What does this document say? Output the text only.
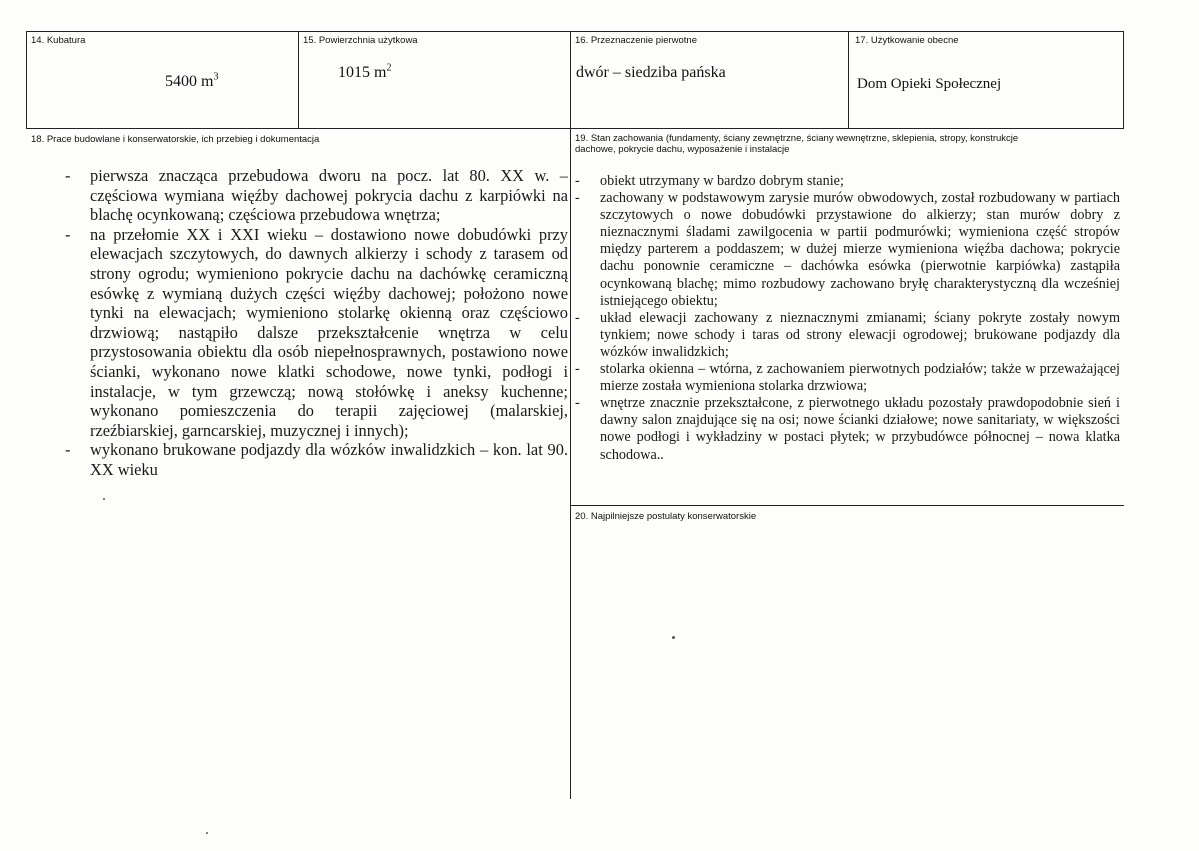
14. Kubatura
5400 $m^3$
15. Powierzchnia użytkowa
1015 $m^2$
16. Przeznaczenie pierwotne
dwór – siedziba pańska
17. Użytkowanie obecne
Dom Opieki Społecznej
18. Prace budowlane i konserwatorskie, ich przebieg i dokumentacja
- pierwsza znacząca przebudowa dworu na pocz. lat 80. XX w. – częściowa wymiana więźby dachowej pokrycia dachu z karpiówki na blachę ocynkowaną; częściowa przebudowa wnętrza;
- na przełomie XX i XXI wieku – dostawiono nowe dobudówki przy elewacjach szczytowych, do dawnych alkierzy i schody z tarasem od strony ogrodu; wymieniono pokrycie dachu na dachówkę ceramiczną esówkę z wymianą dużych części więźby dachowej; położono nowe tynki na elewacjach; wymieniono stolarkę okienną oraz częściowo drzwiową; nastąpiło dalsze przekształcenie wnętrza w celu przystosowania obiektu dla osób niepełnosprawnych, postawiono nowe ścianki, wykonano nowe klatki schodowe, nowe tynki, podłogi i instalacje, w tym grzewczą; nową stołówkę i aneksy kuchenne; wykonano pomieszczenia do terapii zajęciowej (malarskiej, rzeźbiarskiej, garncarskiej, muzycznej i innych);
- wykonano brukowane podjazdy dla wózków inwalidzkich – kon. lat 90. XX wieku
19. Stan zachowania (fundamenty, ściany zewnętrzne, ściany wewnętrzne, sklepienia, stropy, konstrukcje dachowe, pokrycie dachu, wyposażenie i instalacje
- obiekt utrzymany w bardzo dobrym stanie;
- zachowany w podstawowym zarysie murów obwodowych, został rozbudowany w partiach szczytowych o nowe dobudówki przystawione do alkierzy; stan murów dobry z nieznacznymi śladami zawilgocenia w partii podmurówki; wymieniona część stropów między parterem a poddaszem; w dużej mierze wymieniona więźba dachowa; pokrycie dachu ponownie ceramiczne – dachówka esówka (pierwotnie karpiówka) zastąpiła ocynkowaną blachę; mimo rozbudowy zachowano bryłę charakterystyczną dla wcześniej istniejącego obiektu;
- układ elewacji zachowany z nieznacznymi zmianami; ściany pokryte zostały nowym tynkiem; nowe schody i taras od strony elewacji ogrodowej; brukowane podjazdy dla wózków inwalidzkich;
- stolarka okienna – wtórna, z zachowaniem pierwotnych podziałów; także w przeważającej mierze została wymieniona stolarka drzwiowa;
- wnętrze znacznie przekształcone, z pierwotnego układu pozostały prawdopodobnie sień i dawny salon znajdujące się na osi; nowe ścianki działowe; nowe sanitariaty, w większości nowe podłogi i wykładziny w postaci płytek; w przybudówce północnej – nowa klatka schodowa..
20. Najpilniejsze postulaty konserwatorskie
